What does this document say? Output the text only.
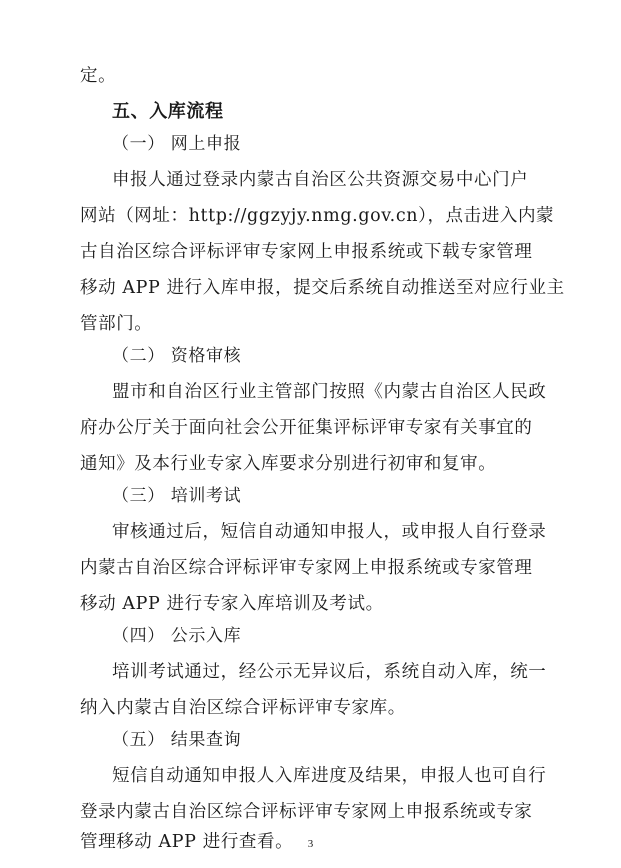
定。
五、入库流程
（一） 网上申报
申报人通过登录内蒙古自治区公共资源交易中心门户
网站（网址：http://ggzyjy.nmg.gov.cn），点击进入内蒙
古自治区综合评标评审专家网上申报系统或下载专家管理
移动 APP 进行入库申报，提交后系统自动推送至对应行业主
管部门。
（二） 资格审核
盟市和自治区行业主管部门按照《内蒙古自治区人民政
府办公厅关于面向社会公开征集评标评审专家有关事宜的
通知》及本行业专家入库要求分别进行初审和复审。
（三） 培训考试
审核通过后，短信自动通知申报人，或申报人自行登录
内蒙古自治区综合评标评审专家网上申报系统或专家管理
移动 APP 进行专家入库培训及考试。
（四） 公示入库
培训考试通过，经公示无异议后，系统自动入库，统一
纳入内蒙古自治区综合评标评审专家库。
（五） 结果查询
短信自动通知申报人入库进度及结果，申报人也可自行
登录内蒙古自治区综合评标评审专家网上申报系统或专家
管理移动 APP 进行查看。	3
